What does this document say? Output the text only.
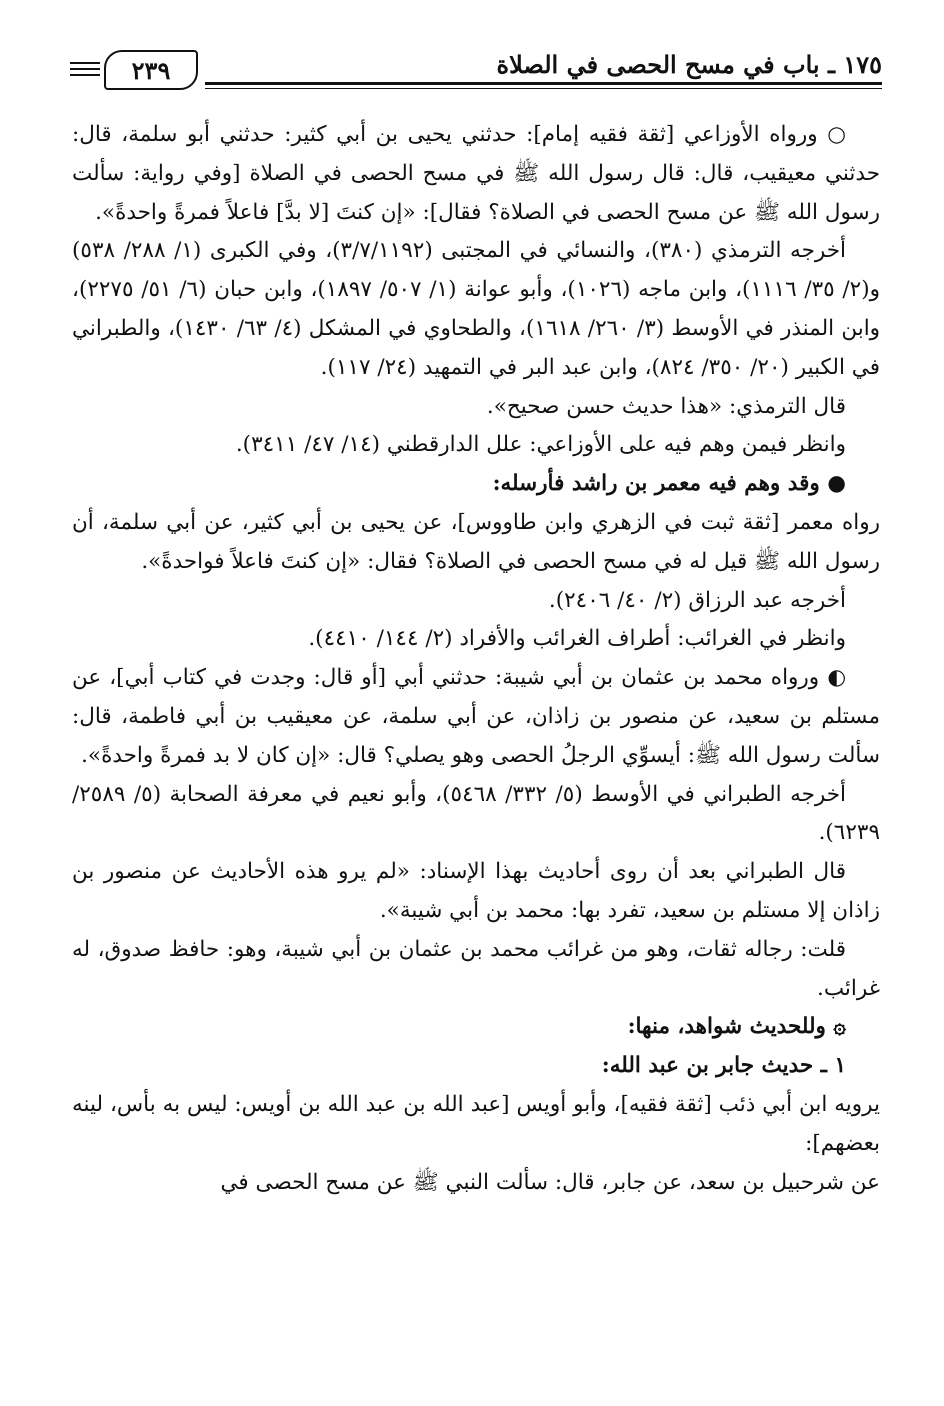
٢٣٩	١٧٥ ـ باب في مسح الحصى في الصلاة

○ ورواه الأوزاعي [ثقة فقيه إمام]: حدثني يحيى بن أبي كثير: حدثني أبو سلمة، قال: حدثني معيقيب، قال: قال رسول الله ﷺ في مسح الحصى في الصلاة [وفي رواية: سألت رسول الله ﷺ عن مسح الحصى في الصلاة؟ فقال]: «إن كنتَ [لا بدَّ] فاعلاً فمرةً واحدةً».

أخرجه الترمذي (٣٨٠)، والنسائي في المجتبى (٣/٧/١١٩٢)، وفي الكبرى (١/ ٢٨٨/ ٥٣٨) و(٢/ ٣٥/ ١١١٦)، وابن ماجه (١٠٢٦)، وأبو عوانة (١/ ٥٠٧/ ١٨٩٧)، وابن حبان (٦/ ٥١/ ٢٢٧٥)، وابن المنذر في الأوسط (٣/ ٢٦٠/ ١٦١٨)، والطحاوي في المشكل (٤/ ٦٣/ ١٤٣٠)، والطبراني في الكبير (٢٠/ ٣٥٠/ ٨٢٤)، وابن عبد البر في التمهيد (٢٤/ ١١٧).

قال الترمذي: «هذا حديث حسن صحيح».

وانظر فيمن وهم فيه على الأوزاعي: علل الدارقطني (١٤/ ٤٧/ ٣٤١١).

● وقد وهم فيه معمر بن راشد فأرسله:

رواه معمر [ثقة ثبت في الزهري وابن طاووس]، عن يحيى بن أبي كثير، عن أبي سلمة، أن رسول الله ﷺ قيل له في مسح الحصى في الصلاة؟ فقال: «إن كنتَ فاعلاً فواحدةً».

أخرجه عبد الرزاق (٢/ ٤٠/ ٢٤٠٦).

وانظر في الغرائب: أطراف الغرائب والأفراد (٢/ ١٤٤/ ٤٤١٠).

◐ ورواه محمد بن عثمان بن أبي شيبة: حدثني أبي [أو قال: وجدت في كتاب أبي]، عن مستلم بن سعيد، عن منصور بن زاذان، عن أبي سلمة، عن معيقيب بن أبي فاطمة، قال: سألت رسول الله ﷺ: أيسوِّي الرجلُ الحصى وهو يصلي؟ قال: «إن كان لا بد فمرةً واحدةً».

أخرجه الطبراني في الأوسط (٥/ ٣٣٢/ ٥٤٦٨)، وأبو نعيم في معرفة الصحابة (٥/ ٢٥٨٩/ ٦٢٣٩).

قال الطبراني بعد أن روى أحاديث بهذا الإسناد: «لم يرو هذه الأحاديث عن منصور بن زاذان إلا مستلم بن سعيد، تفرد بها: محمد بن أبي شيبة».

قلت: رجاله ثقات، وهو من غرائب محمد بن عثمان بن أبي شيبة، وهو: حافظ صدوق، له غرائب.

۞ وللحديث شواهد، منها:

١ ـ حديث جابر بن عبد الله:

يرويه ابن أبي ذئب [ثقة فقيه]، وأبو أويس [عبد الله بن عبد الله بن أويس: ليس به بأس، لينه بعضهم]:

عن شرحبيل بن سعد، عن جابر، قال: سألت النبي ﷺ عن مسح الحصى في
